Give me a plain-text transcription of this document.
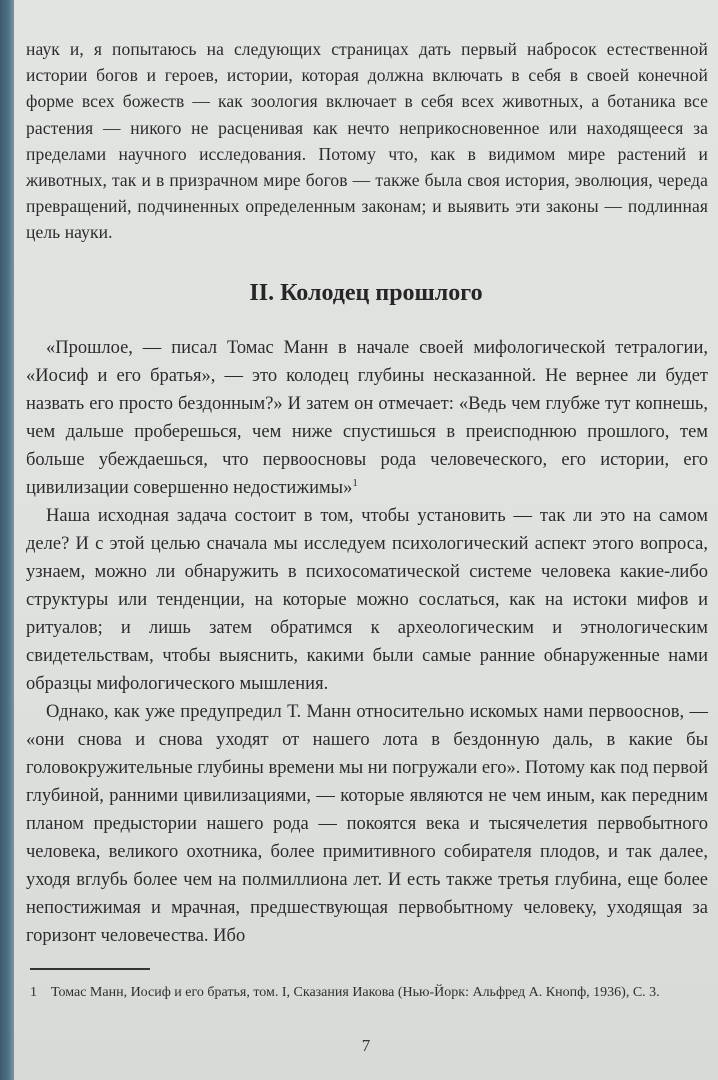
наук и, я попытаюсь на следующих страницах дать первый набросок естественной истории богов и героев, истории, которая должна включать в себя в своей конечной форме всех божеств — как зоология включает в себя всех животных, а ботаника все растения — никого не расценивая как нечто неприкосновенное или находящееся за пределами научного исследования. Потому что, как в видимом мире растений и животных, так и в призрачном мире богов — также была своя история, эволюция, череда превращений, подчиненных определенным законам; и выявить эти законы — подлинная цель науки.

II. Колодец прошлого

«Прошлое, — писал Томас Манн в начале своей мифологической тетралогии, «Иосиф и его братья», — это колодец глубины несказанной. Не вернее ли будет назвать его просто бездонным?» И затем он отмечает: «Ведь чем глубже тут копнешь, чем дальше проберешься, чем ниже спустишься в преисподнюю прошлого, тем больше убеждаешься, что первоосновы рода человеческого, его истории, его цивилизации совершенно недостижимы»$^1$

Наша исходная задача состоит в том, чтобы установить — так ли это на самом деле? И с этой целью сначала мы исследуем психологический аспект этого вопроса, узнаем, можно ли обнаружить в психосоматической системе человека какие-либо структуры или тенденции, на которые можно сослаться, как на истоки мифов и ритуалов; и лишь затем обратимся к археологическим и этнологическим свидетельствам, чтобы выяснить, какими были самые ранние обнаруженные нами образцы мифологического мышления.

Однако, как уже предупредил Т. Манн относительно искомых нами первооснов, — «они снова и снова уходят от нашего лота в бездонную даль, в какие бы головокружительные глубины времени мы ни погружали его». Потому как под первой глубиной, ранними цивилизациями, — которые являются не чем иным, как передним планом предыстории нашего рода — покоятся века и тысячелетия первобытного человека, великого охотника, более примитивного собирателя плодов, и так далее, уходя вглубь более чем на полмиллиона лет. И есть также третья глубина, еще более непостижимая и мрачная, предшествующая первобытному человеку, уходящая за горизонт человечества. Ибо

1 Томас Манн, Иосиф и его братья, том. I, Сказания Иакова (Нью-Йорк: Альфред А. Кнопф, 1936), С. 3.
7
